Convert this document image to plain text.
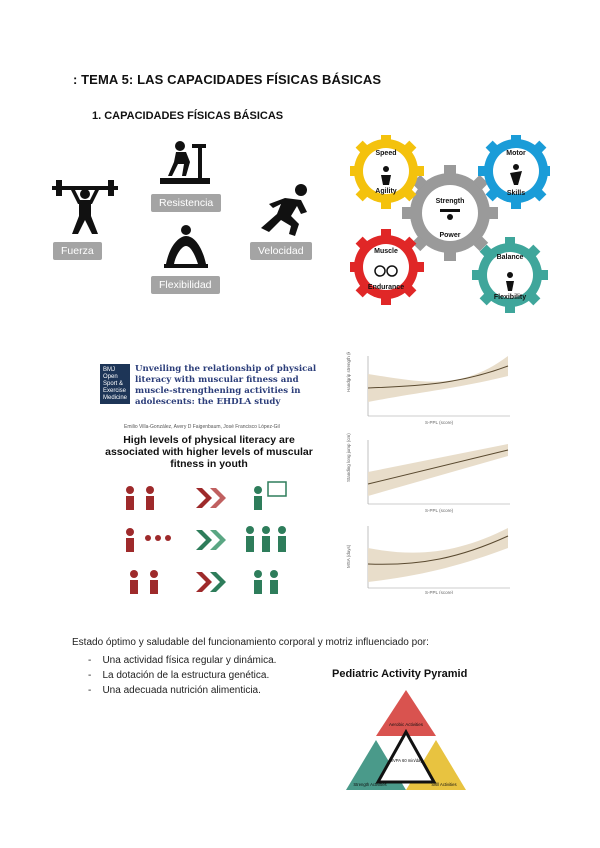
: TEMA 5: LAS CAPACIDADES FÍSICAS BÁSICAS
1. CAPACIDADES FÍSICAS BÁSICAS
Fuerza
Resistencia
Flexibilidad
Velocidad
Speed
Agility
Motor
Skills
Strength
Power
Muscle
Endurance
Balance
Flexibility
BMJ Open Sport & Exercise Medicine
Unveiling the relationship of physical literacy with muscular fitness and muscle-strengthening activities in adolescents: the EHDLA study
Emilio Villa-González, Avery D Faigenbaum, José Francisco López-Gil
High levels of physical literacy are associated with higher levels of muscular fitness in youth
Handgrip strength (kg)
S-PPL (score)
Standing long jump (cm)
S-PPL (score)
MSA (days)
S-PPL (score)
Estado óptimo y saludable del funcionamiento corporal y motriz influenciado por:
-    Una actividad física regular y dinámica.
-    La dotación de la estructura genética.
-    Una adecuada nutrición alimenticia.
Pediatric Activity Pyramid
Aerobic Activities
MVPA 60 min/day
Strength Activities	Skill Activities
